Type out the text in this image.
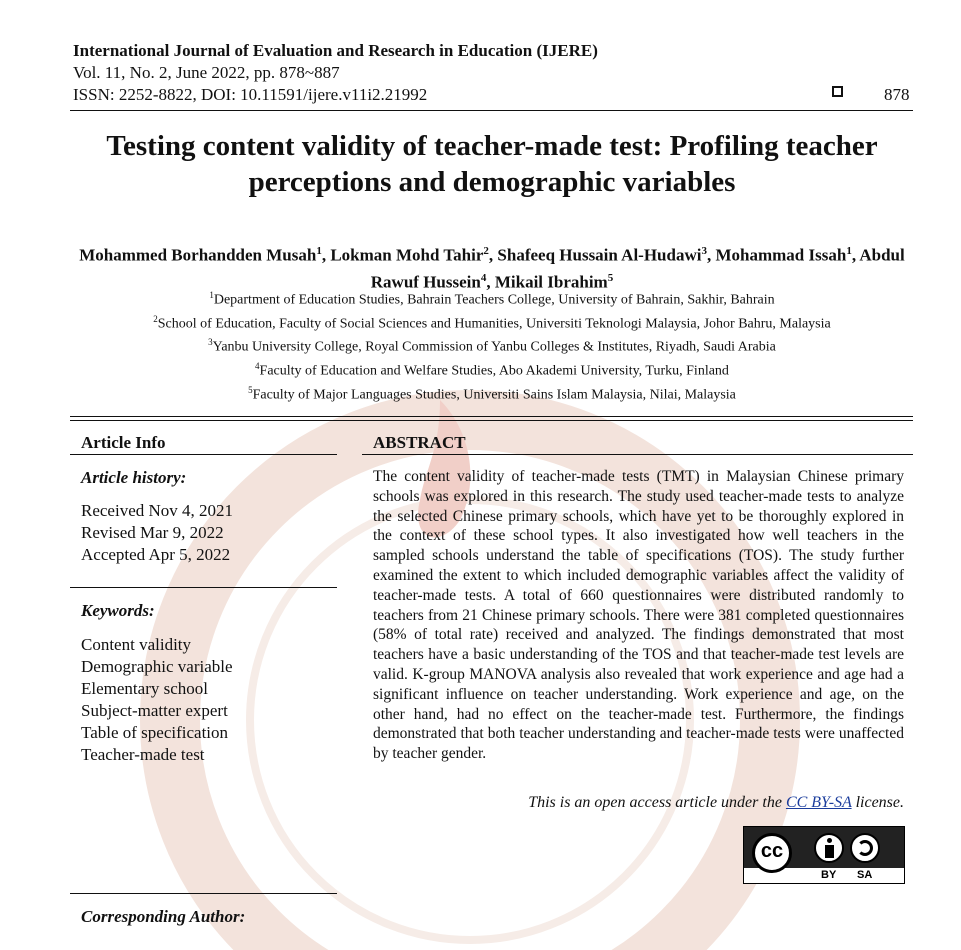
International Journal of Evaluation and Research in Education (IJERE)
Vol. 11, No. 2, June 2022, pp. 878~887
ISSN: 2252-8822, DOI: 10.11591/ijere.v11i2.21992	878
Testing content validity of teacher-made test: Profiling teacher perceptions and demographic variables
Mohammed Borhandden Musah$^1$, Lokman Mohd Tahir$^2$, Shafeeq Hussain Al-Hudawi$^3$, Mohammad Issah$^1$, Abdul Rawuf Hussein$^4$, Mikail Ibrahim$^5$
$^1$Department of Education Studies, Bahrain Teachers College, University of Bahrain, Sakhir, Bahrain
$^2$School of Education, Faculty of Social Sciences and Humanities, Universiti Teknologi Malaysia, Johor Bahru, Malaysia
$^3$Yanbu University College, Royal Commission of Yanbu Colleges & Institutes, Riyadh, Saudi Arabia
$^4$Faculty of Education and Welfare Studies, Abo Akademi University, Turku, Finland
$^5$Faculty of Major Languages Studies, Universiti Sains Islam Malaysia, Nilai, Malaysia
Article Info
Article history:
Received Nov 4, 2021
Revised Mar 9, 2022
Accepted Apr 5, 2022
Keywords:
Content validity
Demographic variable
Elementary school
Subject-matter expert
Table of specification
Teacher-made test
Corresponding Author:
ABSTRACT
The content validity of teacher-made tests (TMT) in Malaysian Chinese primary schools was explored in this research. The study used teacher-made tests to analyze the selected Chinese primary schools, which have yet to be thoroughly explored in the context of these school types. It also investigated how well teachers in the sampled schools understand the table of specifications (TOS). The study further examined the extent to which included demographic variables affect the validity of teacher-made tests. A total of 660 questionnaires were distributed randomly to teachers from 21 Chinese primary schools. There were 381 completed questionnaires (58% of total rate) received and analyzed. The findings demonstrated that most teachers have a basic understanding of the TOS and that teacher-made test levels are valid. K-group MANOVA analysis also revealed that work experience and age had a significant influence on teacher understanding. Work experience and age, on the other hand, had no effect on the teacher-made test. Furthermore, the findings demonstrated that both teacher understanding and teacher-made tests were unaffected by teacher gender.
This is an open access article under the CC BY-SA license.
cc
BY SA
